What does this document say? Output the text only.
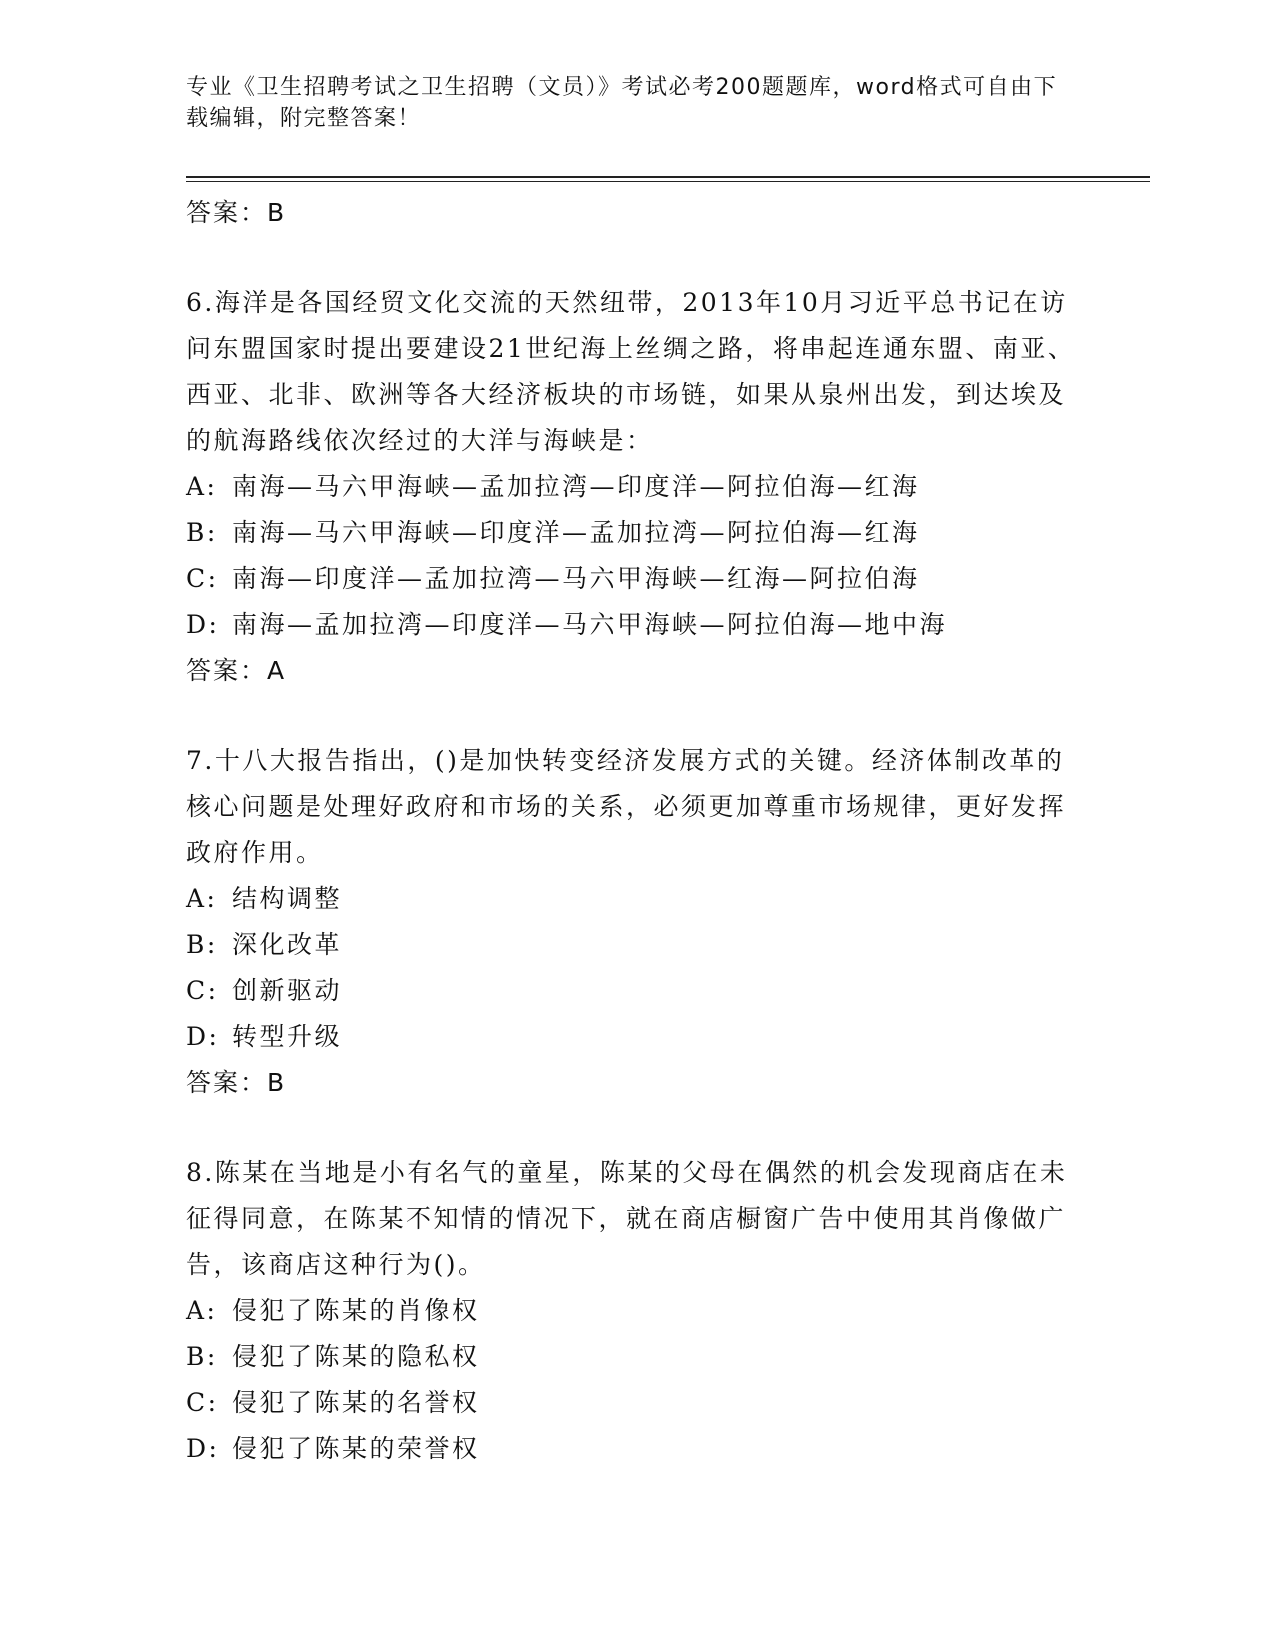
专业《卫生招聘考试之卫生招聘（文员）》考试必考200题题库，word格式可自由下载编辑，附完整答案！
答案：B
6.海洋是各国经贸文化交流的天然纽带，2013年10月习近平总书记在访问东盟国家时提出要建设21世纪海上丝绸之路，将串起连通东盟、南亚、西亚、北非、欧洲等各大经济板块的市场链，如果从泉州出发，到达埃及的航海路线依次经过的大洋与海峡是：
A: 南海—马六甲海峡—孟加拉湾—印度洋—阿拉伯海—红海
B: 南海—马六甲海峡—印度洋—孟加拉湾—阿拉伯海—红海
C: 南海—印度洋—孟加拉湾—马六甲海峡—红海—阿拉伯海
D: 南海—孟加拉湾—印度洋—马六甲海峡—阿拉伯海—地中海
答案：A
7.十八大报告指出，()是加快转变经济发展方式的关键。经济体制改革的核心问题是处理好政府和市场的关系，必须更加尊重市场规律，更好发挥政府作用。
A: 结构调整
B: 深化改革
C: 创新驱动
D: 转型升级
答案：B
8.陈某在当地是小有名气的童星，陈某的父母在偶然的机会发现商店在未征得同意，在陈某不知情的情况下，就在商店橱窗广告中使用其肖像做广告，该商店这种行为()。
A: 侵犯了陈某的肖像权
B: 侵犯了陈某的隐私权
C: 侵犯了陈某的名誉权
D: 侵犯了陈某的荣誉权
